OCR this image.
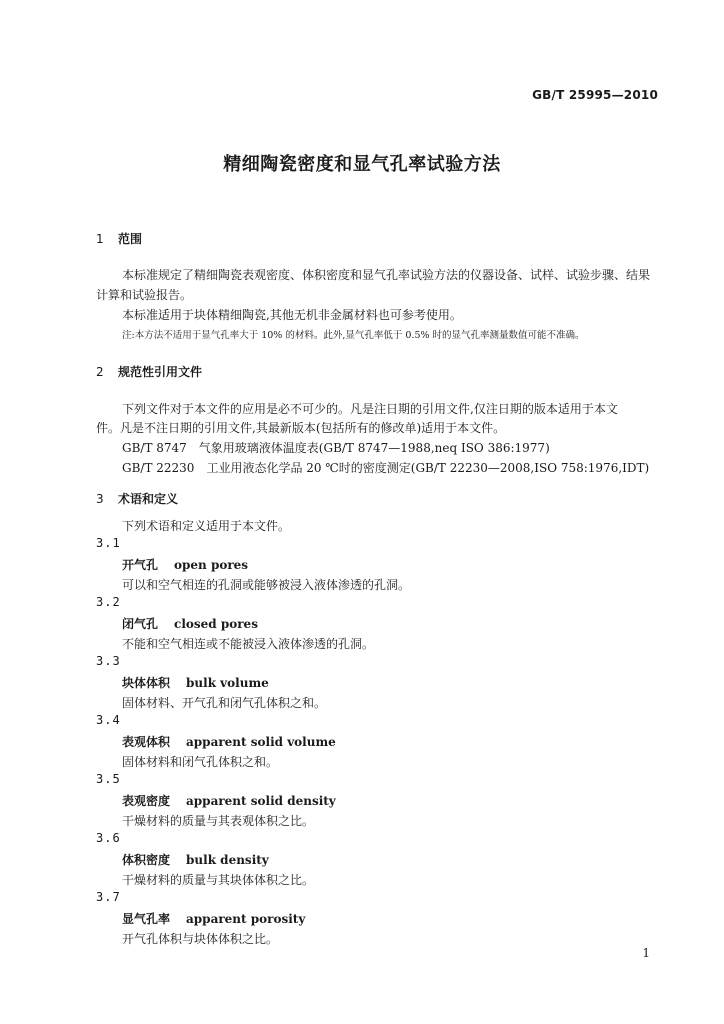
GB/T 25995—2010
精细陶瓷密度和显气孔率试验方法
1 范围
本标准规定了精细陶瓷表观密度、体积密度和显气孔率试验方法的仪器设备、试样、试验步骤、结果
计算和试验报告。
本标准适用于块体精细陶瓷,其他无机非金属材料也可参考使用。
注:本方法不适用于显气孔率大于 10% 的材料。此外,显气孔率低于 0.5% 时的显气孔率测量数值可能不准确。
2 规范性引用文件
下列文件对于本文件的应用是必不可少的。凡是注日期的引用文件,仅注日期的版本适用于本文
件。凡是不注日期的引用文件,其最新版本(包括所有的修改单)适用于本文件。
GB/T 8747　气象用玻璃液体温度表(GB/T 8747—1988,neq ISO 386:1977)
GB/T 22230　工业用液态化学品 20 ℃时的密度测定(GB/T 22230—2008,ISO 758:1976,IDT)
3 术语和定义
下列术语和定义适用于本文件。
3.1
开气孔 open pores
可以和空气相连的孔洞或能够被浸入液体渗透的孔洞。
3.2
闭气孔 closed pores
不能和空气相连或不能被浸入液体渗透的孔洞。
3.3
块体体积 bulk volume
固体材料、开气孔和闭气孔体积之和。
3.4
表观体积 apparent solid volume
固体材料和闭气孔体积之和。
3.5
表观密度 apparent solid density
干燥材料的质量与其表观体积之比。
3.6
体积密度 bulk density
干燥材料的质量与其块体体积之比。
3.7
显气孔率 apparent porosity
开气孔体积与块体体积之比。
1
